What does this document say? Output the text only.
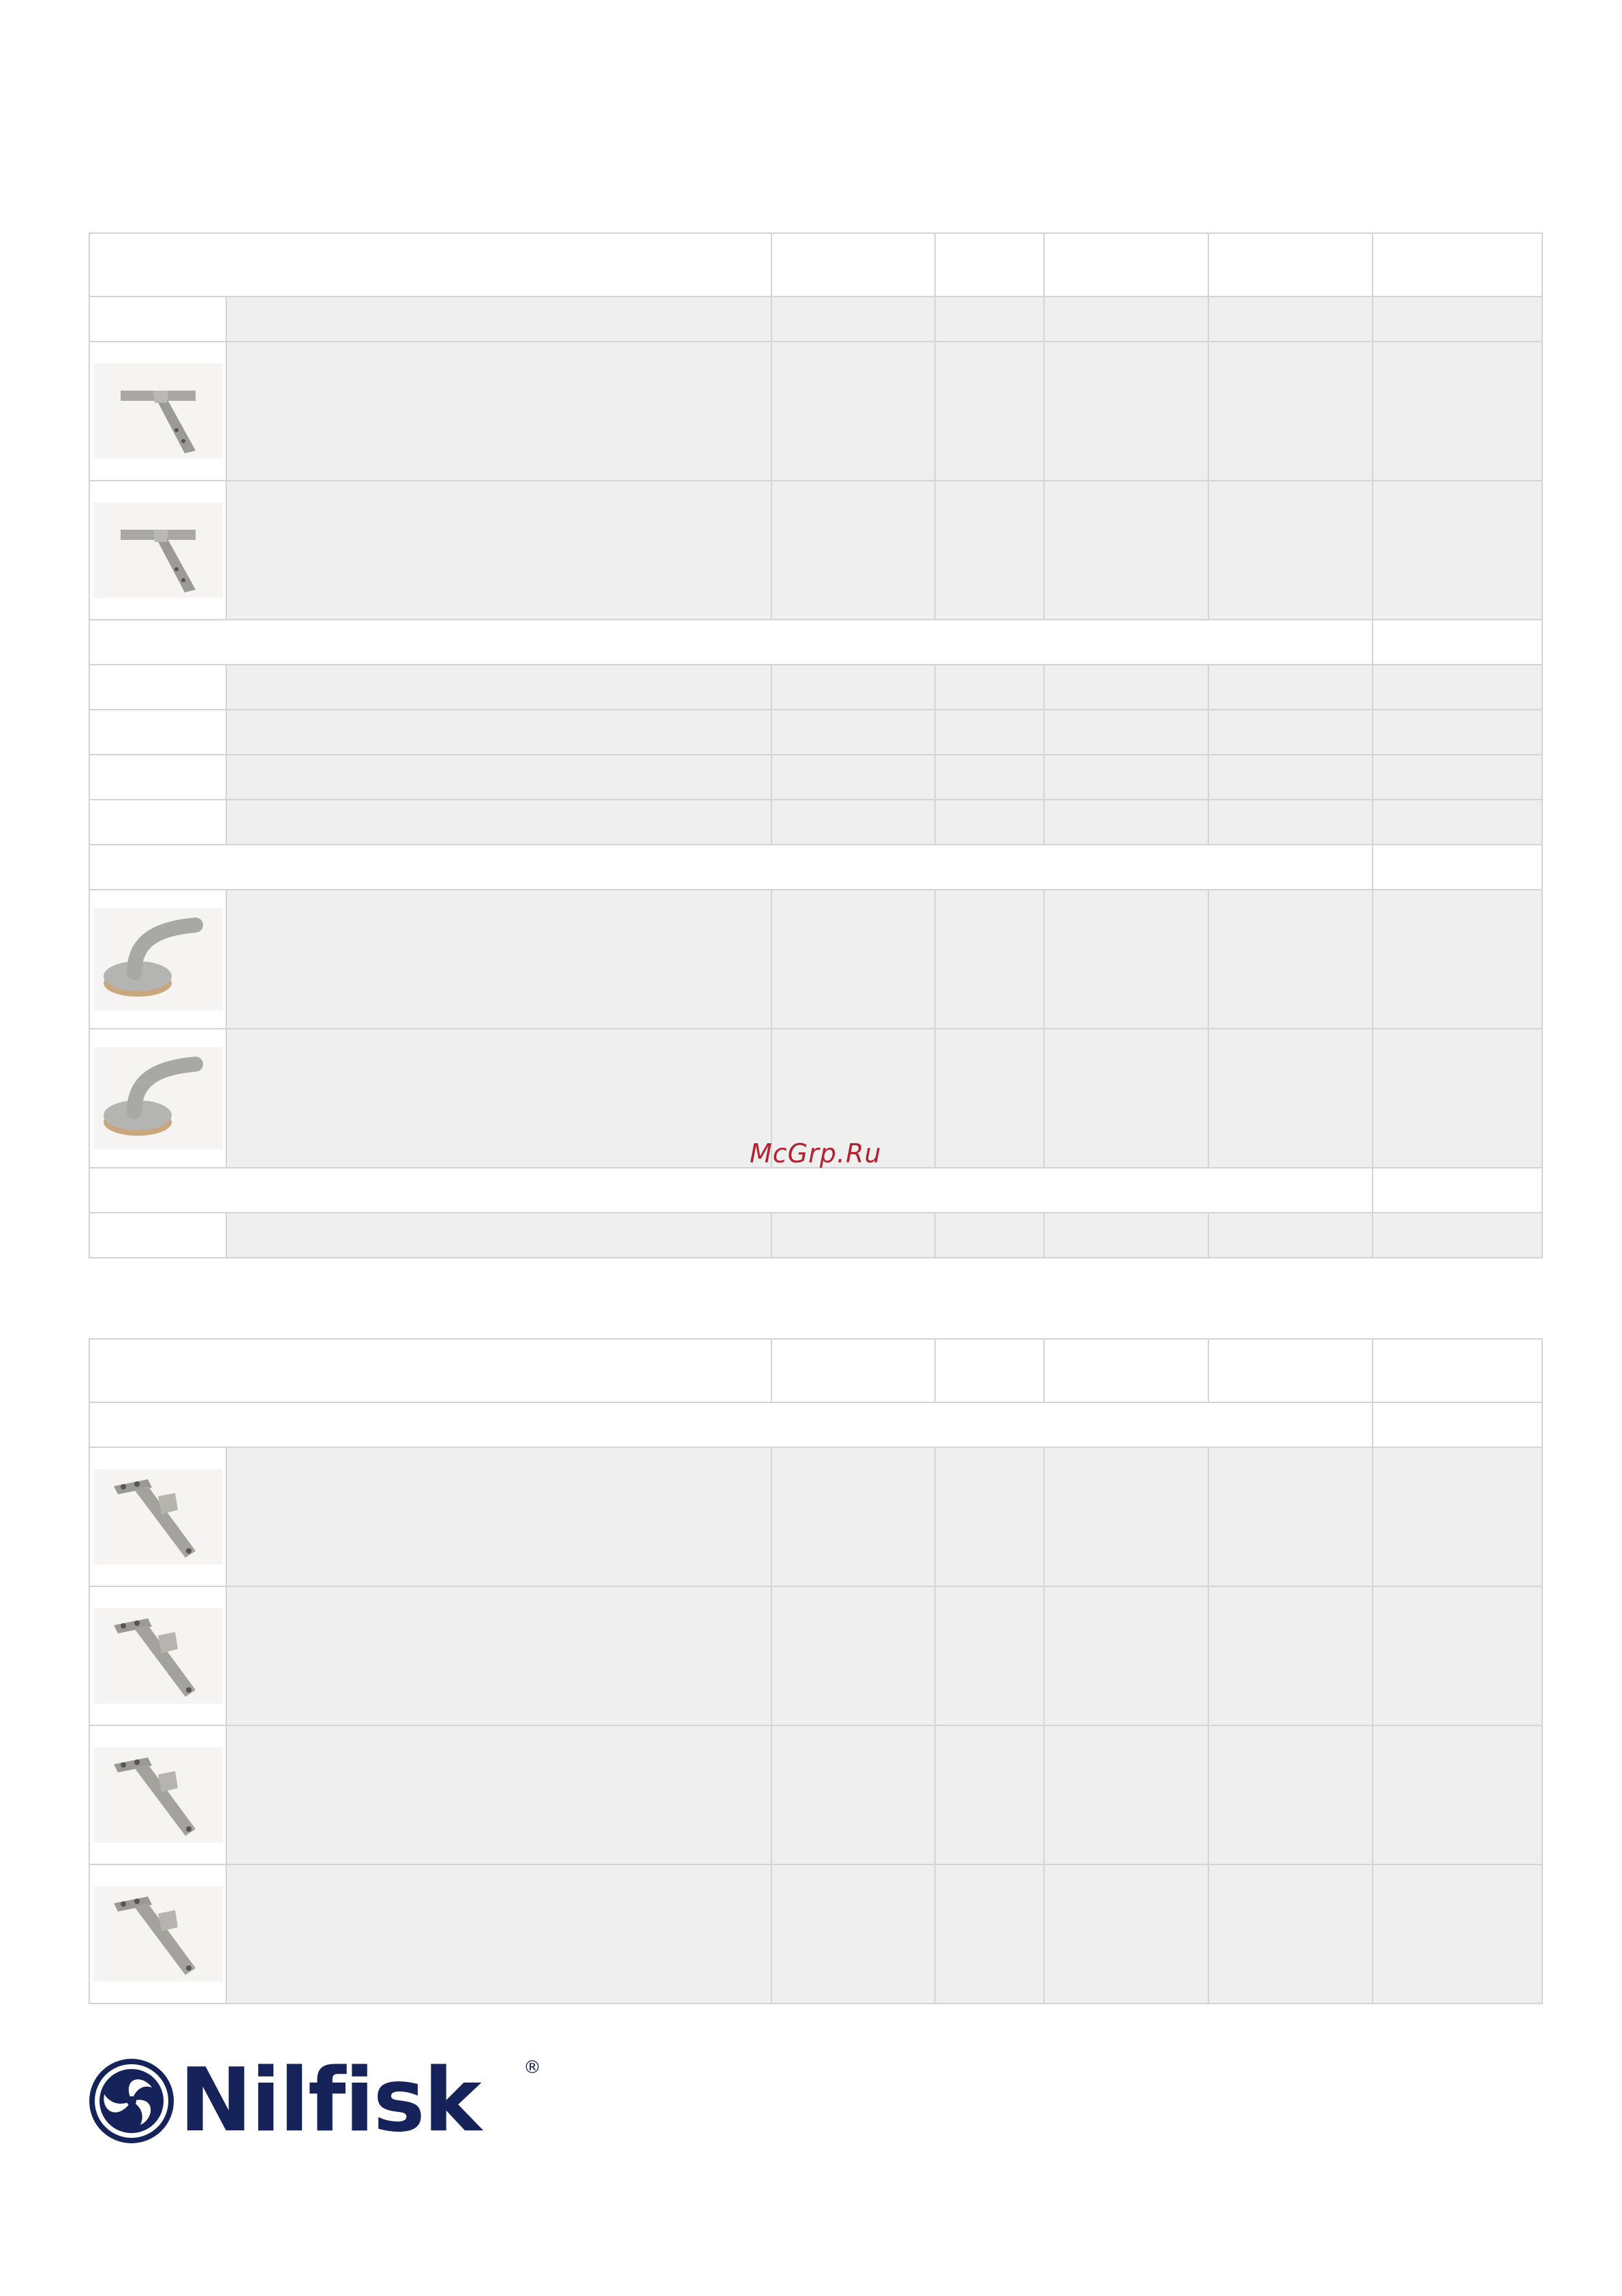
McGrp.Ru
Nilfisk ®
